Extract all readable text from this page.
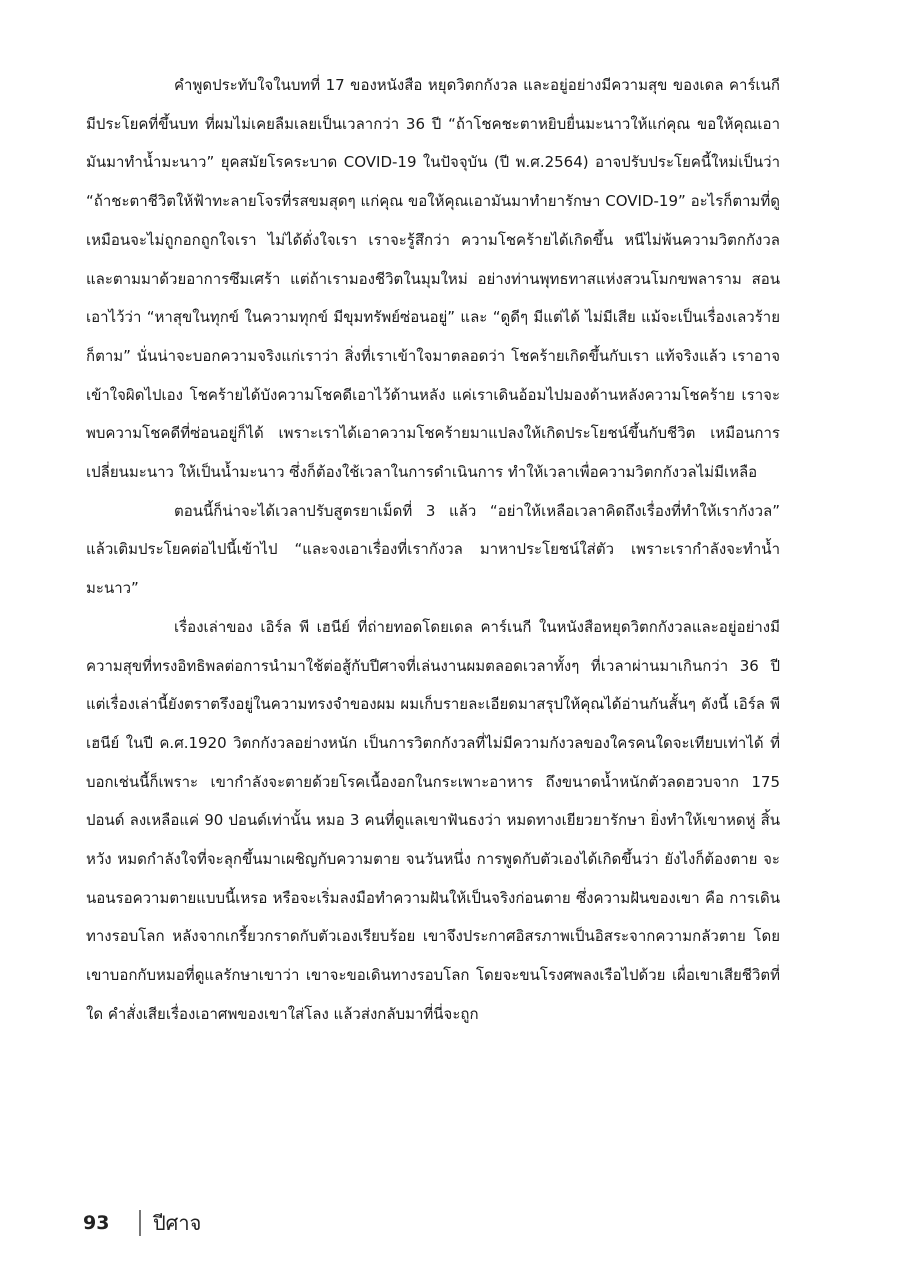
คำพูดประทับใจในบทที่ 17 ของหนังสือ หยุดวิตกกังวล และอยู่อย่างมีความสุข ของเดล คาร์เนกี มีประโยคที่ขึ้นบท ที่ผมไม่เคยลืมเลยเป็นเวลากว่า 36 ปี “ถ้าโชคชะตาหยิบยื่นมะนาวให้แก่คุณ ขอให้คุณเอามันมาทำน้ำมะนาว” ยุคสมัยโรคระบาด COVID-19 ในปัจจุบัน (ปี พ.ศ.2564) อาจปรับประโยคนี้ใหม่เป็นว่า “ถ้าชะตาชีวิตให้ฟ้าทะลายโจรที่รสขมสุดๆ แก่คุณ ขอให้คุณเอามันมาทำยารักษา COVID-19” อะไรก็ตามที่ดูเหมือนจะไม่ถูกอกถูกใจเรา ไม่ได้ดั่งใจเรา เราจะรู้สึกว่า ความโชคร้ายได้เกิดขึ้น หนีไม่พ้นความวิตกกังวล และตามมาด้วยอาการซึมเศร้า แต่ถ้าเรามองชีวิตในมุมใหม่ อย่างท่านพุทธทาสแห่งสวนโมกขพลาราม สอนเอาไว้ว่า “หาสุขในทุกข์ ในความทุกข์ มีขุมทรัพย์ซ่อนอยู่” และ “ดูดีๆ มีแต่ได้ ไม่มีเสีย แม้จะเป็นเรื่องเลวร้ายก็ตาม” นั่นน่าจะบอกความจริงแก่เราว่า สิ่งที่เราเข้าใจมาตลอดว่า โชคร้ายเกิดขึ้นกับเรา แท้จริงแล้ว เราอาจเข้าใจผิดไปเอง โชคร้ายได้บังความโชคดีเอาไว้ด้านหลัง แค่เราเดินอ้อมไปมองด้านหลังความโชคร้าย เราจะพบความโชคดีที่ซ่อนอยู่ก็ได้ เพราะเราได้เอาความโชคร้ายมาแปลงให้เกิดประโยชน์ขึ้นกับชีวิต เหมือนการเปลี่ยนมะนาว ให้เป็นน้ำมะนาว ซึ่งก็ต้องใช้เวลาในการดำเนินการ ทำให้เวลาเพื่อความวิตกกังวลไม่มีเหลือ

ตอนนี้ก็น่าจะได้เวลาปรับสูตรยาเม็ดที่ 3 แล้ว “อย่าให้เหลือเวลาคิดถึงเรื่องที่ทำให้เรากังวล” แล้วเติมประโยคต่อไปนี้เข้าไป “และจงเอาเรื่องที่เรากังวล มาหาประโยชน์ใส่ตัว เพราะเรากำลังจะทำน้ำมะนาว”

เรื่องเล่าของ เอิร์ล พี เฮนีย์ ที่ถ่ายทอดโดยเดล คาร์เนกี ในหนังสือหยุดวิตกกังวลและอยู่อย่างมีความสุขที่ทรงอิทธิพลต่อการนำมาใช้ต่อสู้กับปีศาจที่เล่นงานผมตลอดเวลาทั้งๆ ที่เวลาผ่านมาเกินกว่า 36 ปี แต่เรื่องเล่านี้ยังตราตรึงอยู่ในความทรงจำของผม ผมเก็บรายละเอียดมาสรุปให้คุณได้อ่านกันสั้นๆ ดังนี้ เอิร์ล พี เฮนีย์ ในปี ค.ศ.1920 วิตกกังวลอย่างหนัก เป็นการวิตกกังวลที่ไม่มีความกังวลของใครคนใดจะเทียบเท่าได้ ที่บอกเช่นนี้ก็เพราะ เขากำลังจะตายด้วยโรคเนื้องอกในกระเพาะอาหาร ถึงขนาดน้ำหนักตัวลดฮวบจาก 175 ปอนด์ ลงเหลือแค่ 90 ปอนด์เท่านั้น หมอ 3 คนที่ดูแลเขาฟันธงว่า หมดทางเยียวยารักษา ยิ่งทำให้เขาหดหู่ สิ้นหวัง หมดกำลังใจที่จะลุกขึ้นมาเผชิญกับความตาย จนวันหนึ่ง การพูดกับตัวเองได้เกิดขึ้นว่า ยังไงก็ต้องตาย จะนอนรอความตายแบบนี้เหรอ หรือจะเริ่มลงมือทำความฝันให้เป็นจริงก่อนตาย ซึ่งความฝันของเขา คือ การเดินทางรอบโลก หลังจากเกรี้ยวกราดกับตัวเองเรียบร้อย เขาจึงประกาศอิสรภาพเป็นอิสระจากความกลัวตาย โดยเขาบอกกับหมอที่ดูแลรักษาเขาว่า เขาจะขอเดินทางรอบโลก โดยจะขนโรงศพลงเรือไปด้วย เผื่อเขาเสียชีวิตที่ใด คำสั่งเสียเรื่องเอาศพของเขาใส่โลง แล้วส่งกลับมาที่นี่จะถูก

93 ปีศาจ
